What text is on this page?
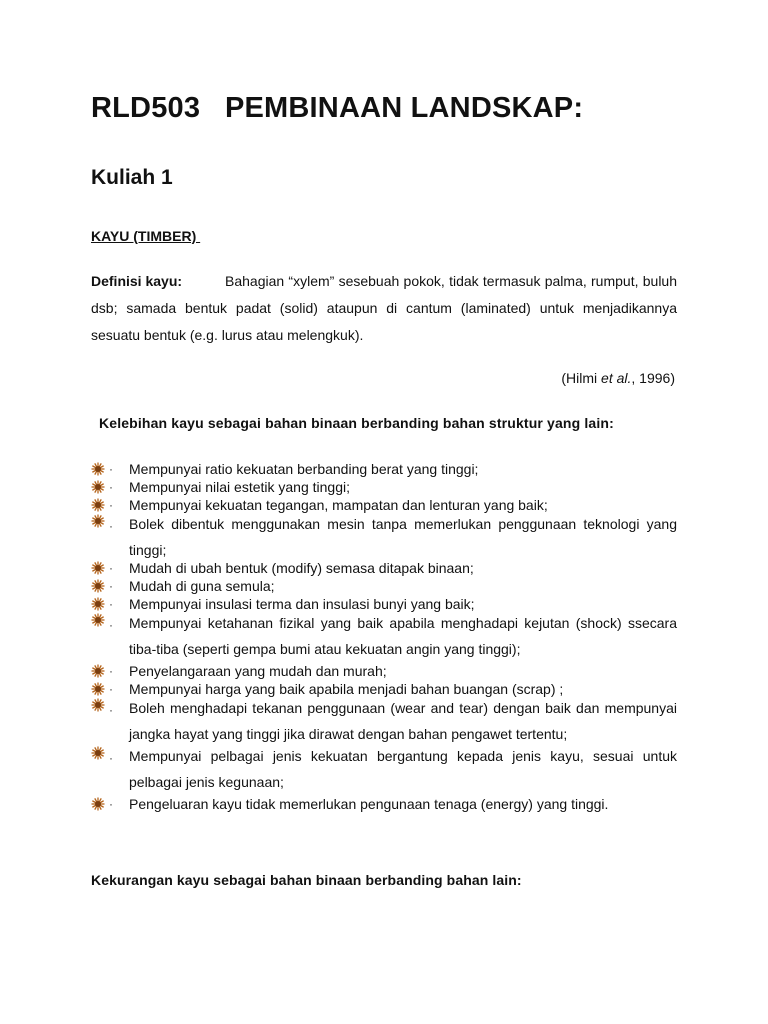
RLD503   PEMBINAAN LANDSKAP:
Kuliah 1
KAYU (TIMBER)
Definisi kayu:	Bahagian “xylem” sesebuah pokok, tidak termasuk palma, rumput, buluh dsb; samada bentuk padat (solid) ataupun di cantum (laminated) untuk menjadikannya sesuatu bentuk (e.g. lurus atau melengkuk).
(Hilmi et al., 1996)
Kelebihan kayu sebagai bahan binaan berbanding bahan struktur yang lain:
· Mempunyai ratio kekuatan berbanding berat yang tinggi;
· Mempunyai nilai estetik yang tinggi;
· Mempunyai kekuatan tegangan, mampatan dan lenturan yang baik;
· Bolek dibentuk menggunakan mesin tanpa memerlukan penggunaan teknologi yang tinggi;
· Mudah di ubah bentuk (modify) semasa ditapak binaan;
· Mudah di guna semula;
· Mempunyai insulasi terma dan insulasi bunyi yang baik;
· Mempunyai ketahanan fizikal yang baik apabila menghadapi kejutan (shock) ssecara tiba-tiba (seperti gempa bumi atau kekuatan angin yang tinggi);
· Penyelangaraan yang mudah dan murah;
· Mempunyai harga yang baik apabila menjadi bahan buangan (scrap) ;
· Boleh menghadapi tekanan penggunaan (wear and tear) dengan baik dan mempunyai jangka hayat yang tinggi jika dirawat dengan bahan pengawet tertentu;
· Mempunyai pelbagai jenis kekuatan bergantung kepada jenis kayu, sesuai untuk pelbagai jenis kegunaan;
· Pengeluaran kayu tidak memerlukan pengunaan tenaga (energy) yang tinggi.
Kekurangan kayu sebagai bahan binaan berbanding bahan lain:
